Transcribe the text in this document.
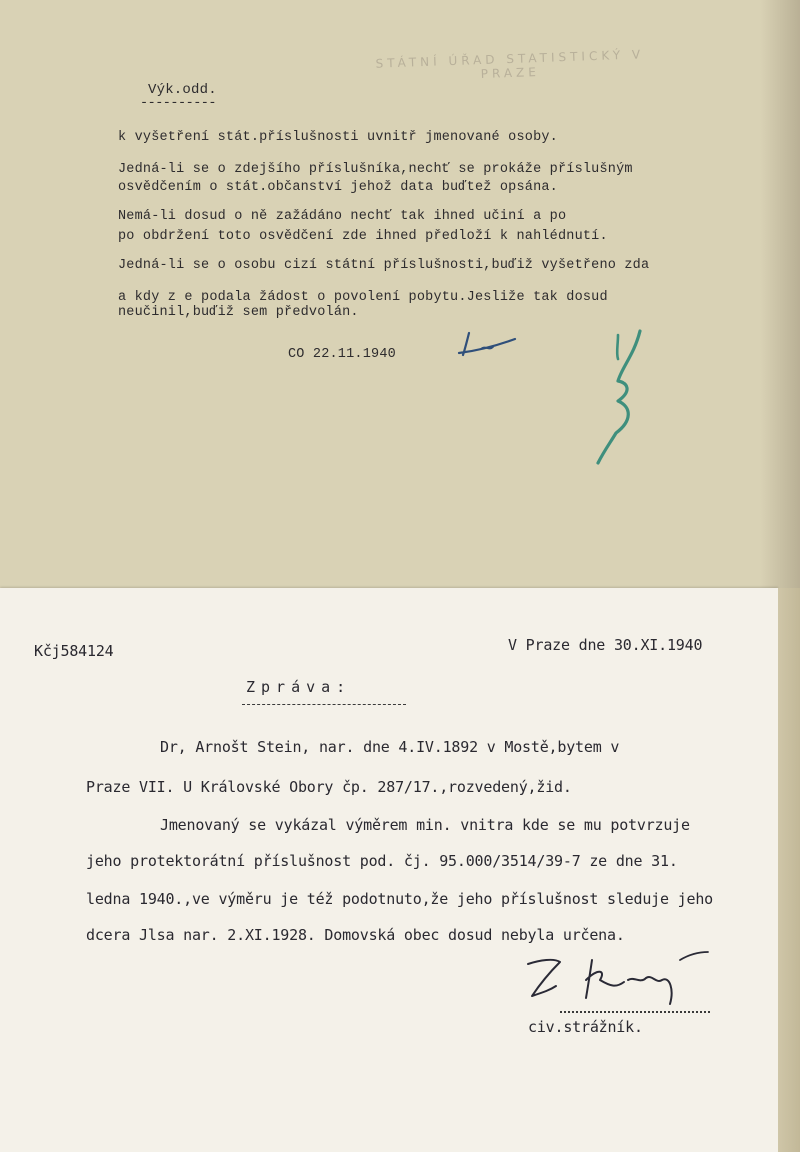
STÁTNÍ ÚŘAD STATISTICKÝ V PRAZE
Výk.odd.
----------
k vyšetření stát.příslušnosti uvnitř jmenované osoby.
Jedná-li se o zdejšího příslušníka,nechť se prokáže příslušným
osvědčením o stát.občanství jehož data buďtež opsána.
Nemá-li dosud o ně zažádáno nechť tak ihned učiní a po
po obdržení toto osvědčení zde ihned předloží k nahlédnutí.
Jedná-li se o osobu cizí státní příslušnosti,buďiž vyšetřeno zda
a kdy z e podala žádost o povolení pobytu.Jesliže tak dosud
neučinil,buďiž sem předvolán.
CO 22.11.1940
Kčj584124	V Praze dne 30.XI.1940
Zpráva:
Dr, Arnošt Stein, nar. dne 4.IV.1892 v Mostě,bytem v
Praze VII. U Královské Obory čp. 287/17.,rozvedený,žid.
Jmenovaný se vykázal výměrem min. vnitra kde se mu potvrzuje
jeho protektorátní příslušnost pod. čj. 95.000/3514/39-7 ze dne 31.
ledna 1940.,ve výměru je též podotnuto,že jeho příslušnost sleduje jeho
dcera Jlsa nar. 2.XI.1928. Domovská obec dosud nebyla určena.
civ.strážník.
